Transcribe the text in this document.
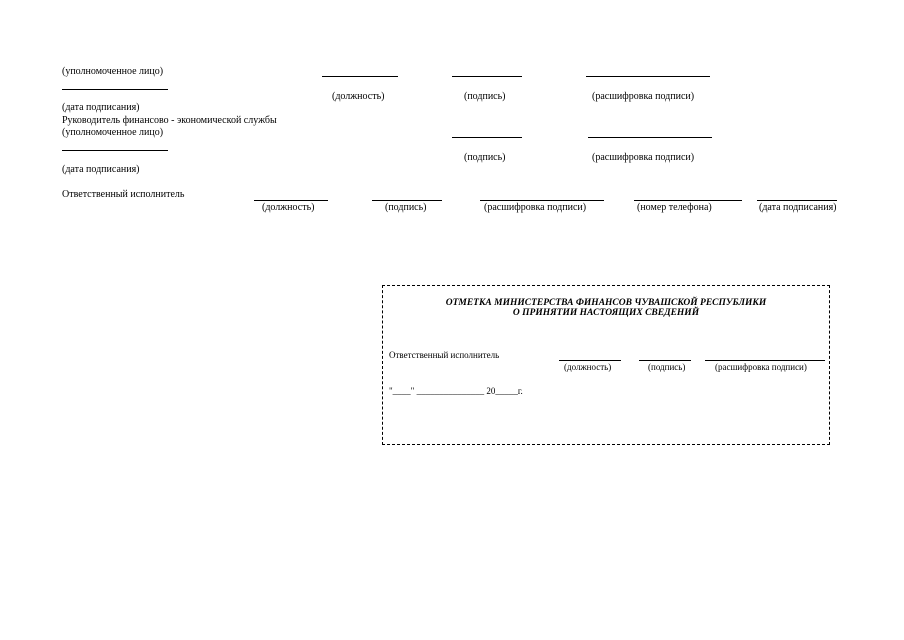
(уполномоченное лицо)
(должность)	(подпись)	(расшифровка подписи)
(дата подписания)
Руководитель финансово - экономической службы
(уполномоченное лицо)
(подпись)	(расшифровка подписи)
(дата подписания)
Ответственный исполнитель
(должность)	(подпись)	(расшифровка подписи)	(номер телефона)	(дата подписания)
ОТМЕТКА МИНИСТЕРСТВА ФИНАНСОВ ЧУВАШСКОЙ РЕСПУБЛИКИ
О ПРИНЯТИИ НАСТОЯЩИХ СВЕДЕНИЙ
Ответственный исполнитель
(должность)	(подпись)	(расшифровка подписи)
"____" _______________ 20_____г.
